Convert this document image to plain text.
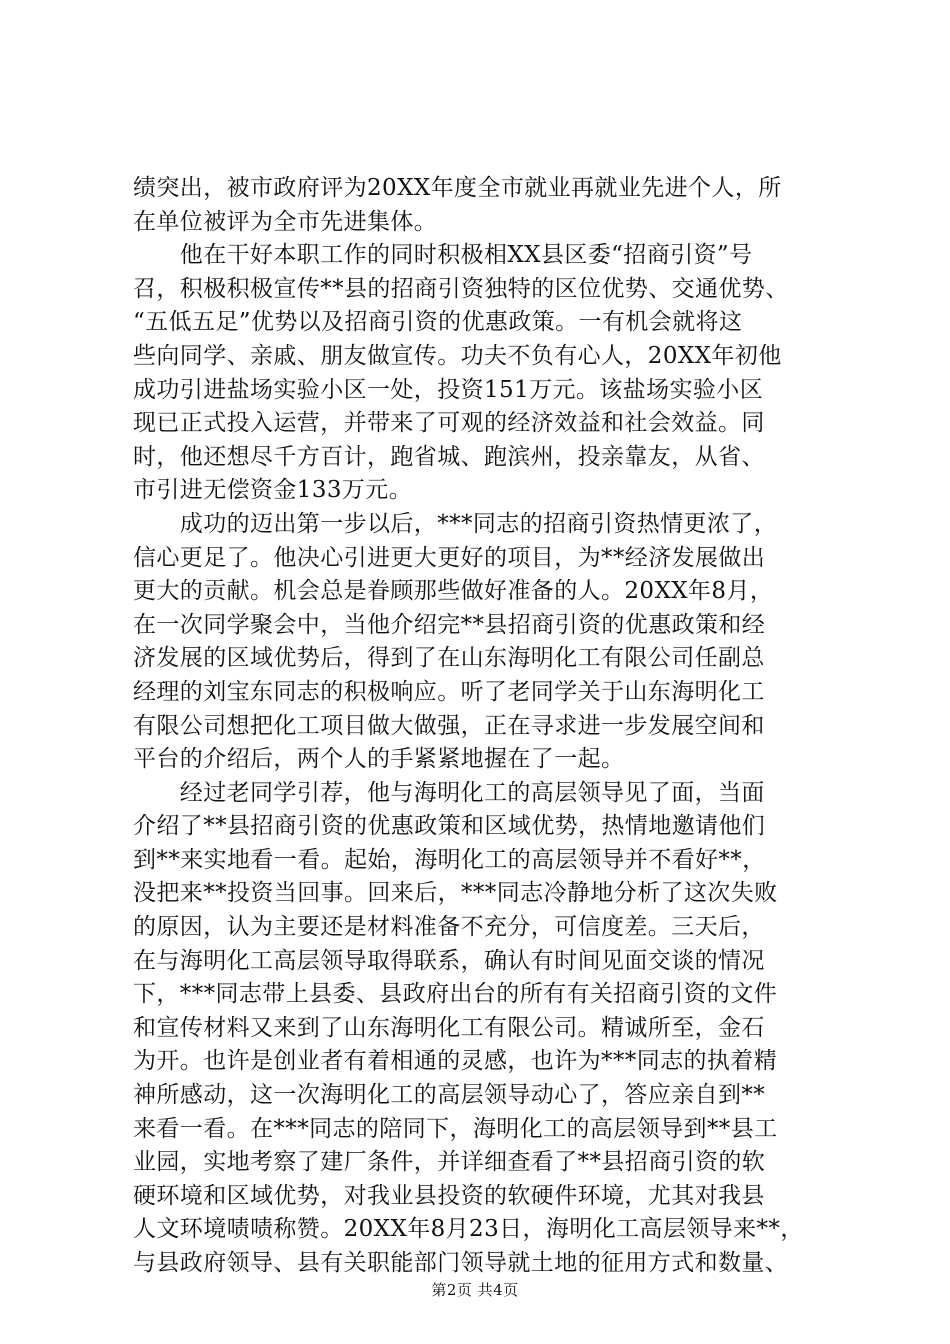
绩突出，被市政府评为20XX年度全市就业再就业先进个人，所
在单位被评为全市先进集体。
　　他在干好本职工作的同时积极相XX县区委“招商引资”号
召，积极积极宣传**县的招商引资独特的区位优势、交通优势、
“五低五足”优势以及招商引资的优惠政策。一有机会就将这
些向同学、亲戚、朋友做宣传。功夫不负有心人，20XX年初他
成功引进盐场实验小区一处，投资151万元。该盐场实验小区
现已正式投入运营，并带来了可观的经济效益和社会效益。同
时，他还想尽千方百计，跑省城、跑滨州，投亲靠友，从省、
市引进无偿资金133万元。
　　成功的迈出第一步以后，***同志的招商引资热情更浓了，
信心更足了。他决心引进更大更好的项目，为**经济发展做出
更大的贡献。机会总是眷顾那些做好准备的人。20XX年8月，
在一次同学聚会中，当他介绍完**县招商引资的优惠政策和经
济发展的区域优势后，得到了在山东海明化工有限公司任副总
经理的刘宝东同志的积极响应。听了老同学关于山东海明化工
有限公司想把化工项目做大做强，正在寻求进一步发展空间和
平台的介绍后，两个人的手紧紧地握在了一起。
　　经过老同学引荐，他与海明化工的高层领导见了面，当面
介绍了**县招商引资的优惠政策和区域优势，热情地邀请他们
到**来实地看一看。起始，海明化工的高层领导并不看好**，
没把来**投资当回事。回来后，***同志冷静地分析了这次失败
的原因，认为主要还是材料准备不充分，可信度差。三天后，
在与海明化工高层领导取得联系，确认有时间见面交谈的情况
下，***同志带上县委、县政府出台的所有有关招商引资的文件
和宣传材料又来到了山东海明化工有限公司。精诚所至，金石
为开。也许是创业者有着相通的灵感，也许为***同志的执着精
神所感动，这一次海明化工的高层领导动心了，答应亲自到**
来看一看。在***同志的陪同下，海明化工的高层领导到**县工
业园，实地考察了建厂条件，并详细查看了**县招商引资的软
硬环境和区域优势，对我业县投资的软硬件环境，尤其对我县
人文环境啧啧称赞。20XX年8月23日，海明化工高层领导来**，
与县政府领导、县有关职能部门领导就土地的征用方式和数量、
第2页 共4页
